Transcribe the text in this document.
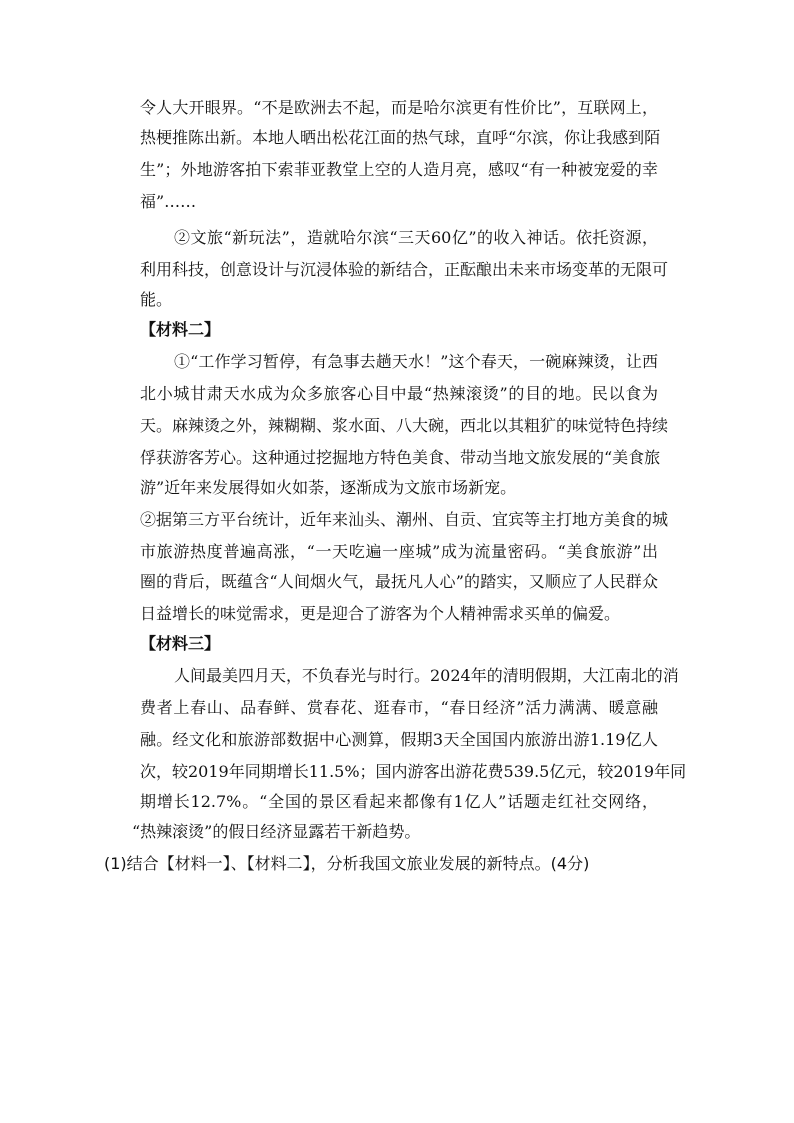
令人大开眼界。“不是欧洲去不起，而是哈尔滨更有性价比”，互联网上，
热梗推陈出新。本地人晒出松花江面的热气球，直呼“尔滨，你让我感到陌
生”；外地游客拍下索菲亚教堂上空的人造月亮，感叹“有一种被宠爱的幸
福”……
②文旅“新玩法”，造就哈尔滨“三天60亿”的收入神话。依托资源，
利用科技，创意设计与沉浸体验的新结合，正酝酿出未来市场变革的无限可
能。
【材料二】
①“工作学习暂停，有急事去趟天水！”这个春天，一碗麻辣烫，让西
北小城甘肃天水成为众多旅客心目中最“热辣滚烫”的目的地。民以食为
天。麻辣烫之外，辣糊糊、浆水面、八大碗，西北以其粗犷的味觉特色持续
俘获游客芳心。这种通过挖掘地方特色美食、带动当地文旅发展的“美食旅
游”近年来发展得如火如荼，逐渐成为文旅市场新宠。
②据第三方平台统计，近年来汕头、潮州、自贡、宜宾等主打地方美食的城
市旅游热度普遍高涨，“一天吃遍一座城”成为流量密码。“美食旅游”出
圈的背后，既蕴含“人间烟火气，最抚凡人心”的踏实，又顺应了人民群众
日益增长的味觉需求，更是迎合了游客为个人精神需求买单的偏爱。
【材料三】
人间最美四月天，不负春光与时行。2024年的清明假期，大江南北的消
费者上春山、品春鲜、赏春花、逛春市，“春日经济”活力满满、暖意融
融。经文化和旅游部数据中心测算，假期3天全国国内旅游出游1.19亿人
次，较2019年同期增长11.5%；国内游客出游花费539.5亿元，较2019年同
期增长12.7%。“全国的景区看起来都像有1亿人”话题走红社交网络，
“热辣滚烫”的假日经济显露若干新趋势。
(1)结合【材料一】、【材料二】，分析我国文旅业发展的新特点。(4分)
